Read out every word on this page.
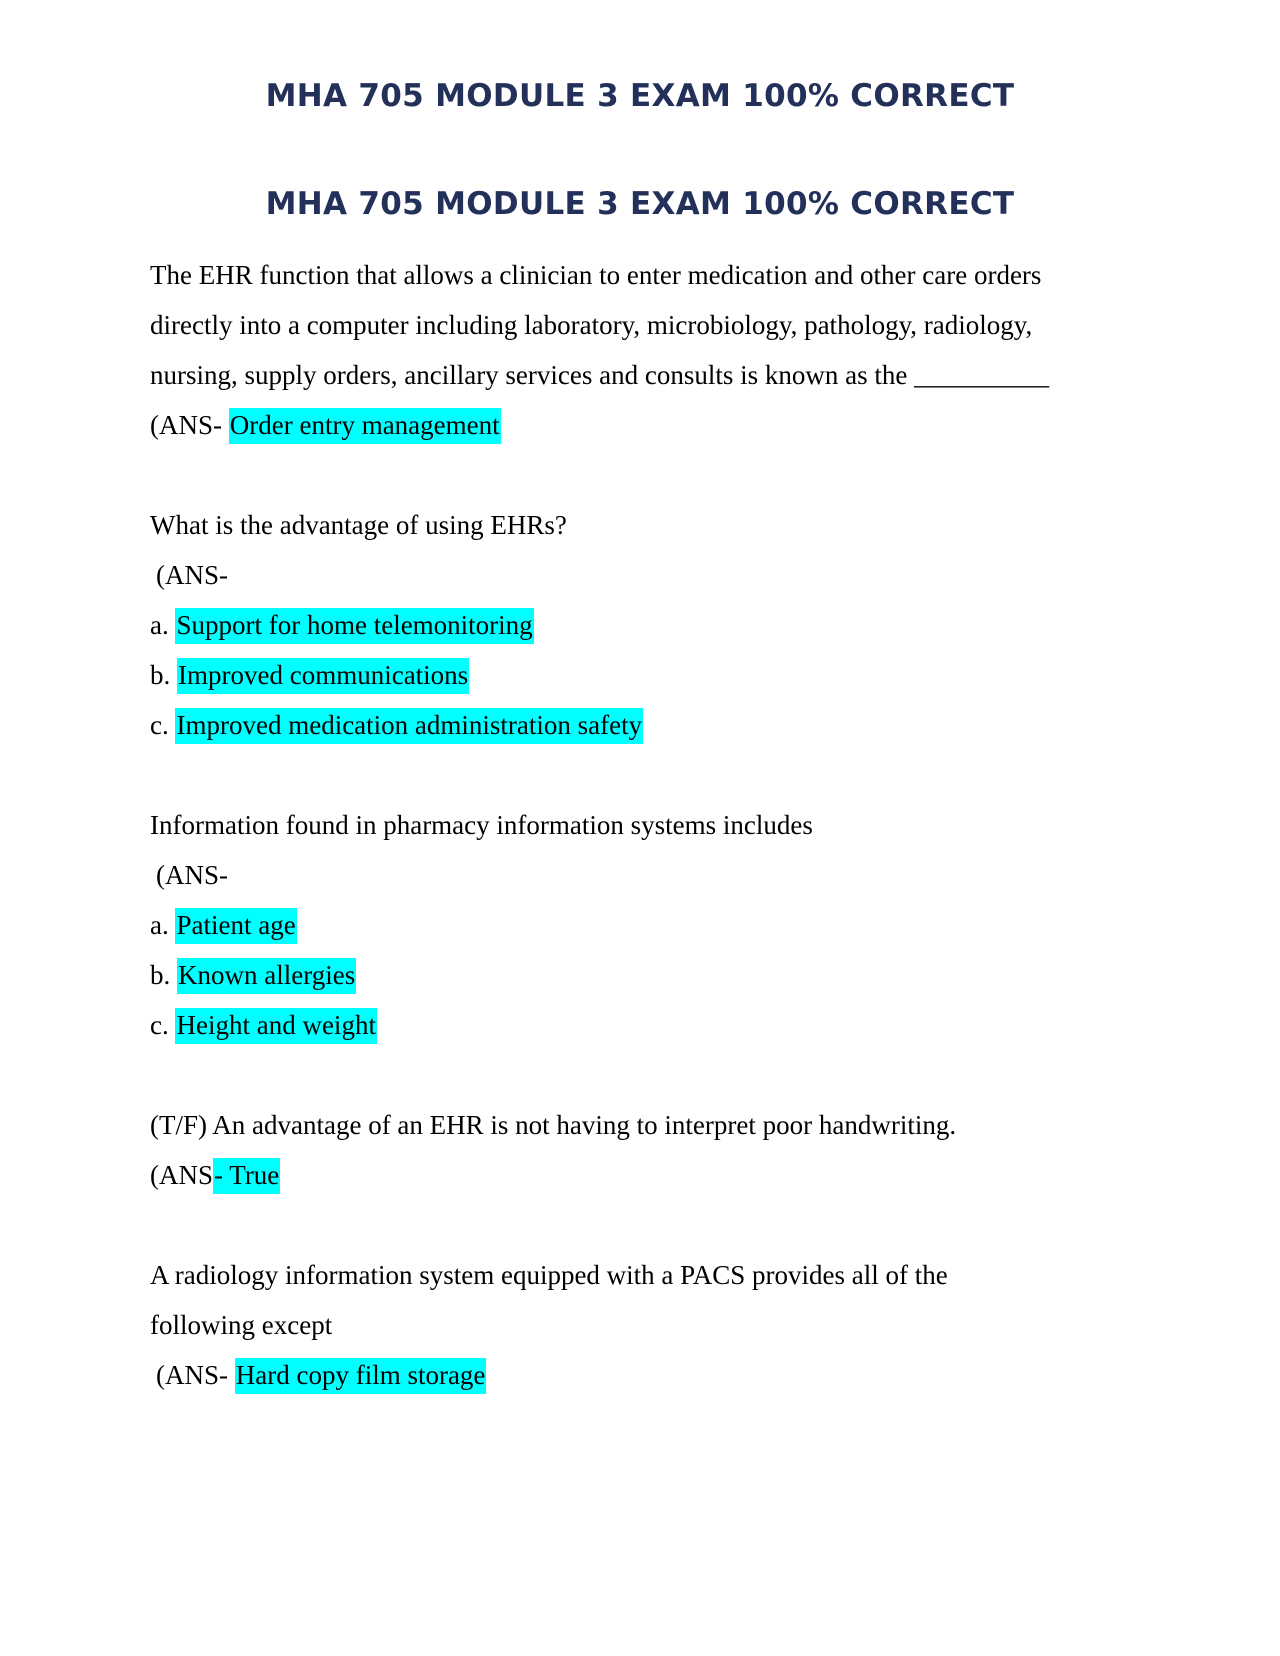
MHA 705 MODULE 3 EXAM 100% CORRECT
MHA 705 MODULE 3 EXAM 100% CORRECT
The EHR function that allows a clinician to enter medication and other care orders
directly into a computer including laboratory, microbiology, pathology, radiology,
nursing, supply orders, ancillary services and consults is known as the __________
(ANS- Order entry management
What is the advantage of using EHRs?
(ANS-
a. Support for home telemonitoring
b. Improved communications
c. Improved medication administration safety
Information found in pharmacy information systems includes
(ANS-
a. Patient age
b. Known allergies
c. Height and weight
(T/F) An advantage of an EHR is not having to interpret poor handwriting.
(ANS- True
A radiology information system equipped with a PACS provides all of the
following except
(ANS- Hard copy film storage
